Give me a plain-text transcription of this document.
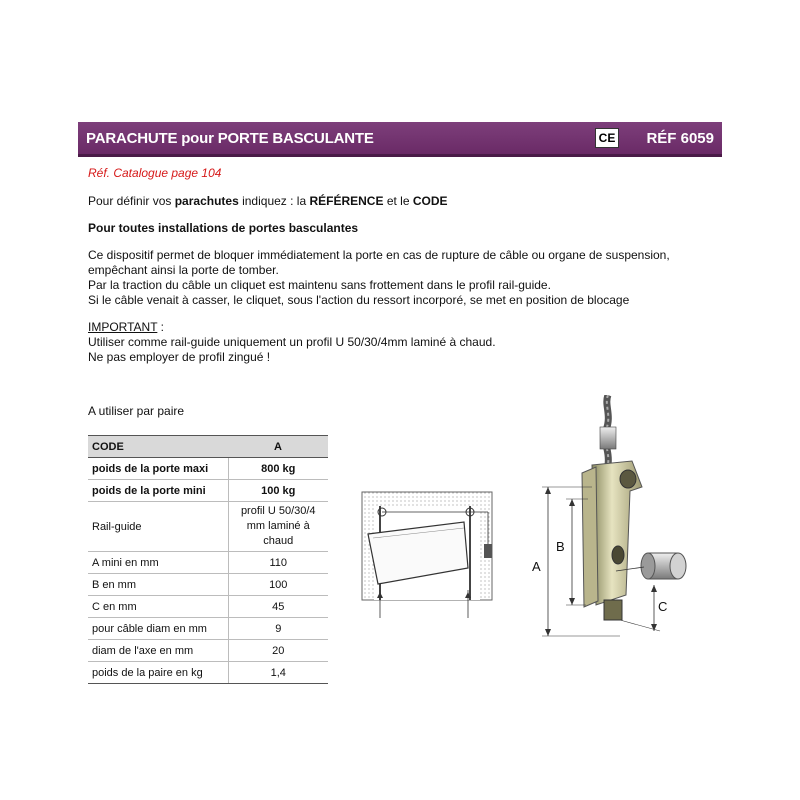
PARACHUTE pour PORTE BASCULANTE	CE RÉF 6059
Réf. Catalogue page 104
Pour définir vos parachutes indiquez : la RÉFÉRENCE et le CODE
Pour toutes installations de portes basculantes
Ce dispositif permet de bloquer immédiatement la porte en cas de rupture de câble ou organe de suspension,
empêchant ainsi la porte de tomber.
Par la traction du câble un cliquet est maintenu sans frottement dans le profil rail-guide.
Si le câble venait à casser, le cliquet, sous l'action du ressort incorporé, se met en position de blocage
IMPORTANT :
Utiliser comme rail-guide uniquement un profil U 50/30/4mm laminé à chaud.
Ne pas employer de profil zingué !
A utiliser par paire
CODE	A
poids de la porte maxi	800 kg
poids de la porte mini	100 kg
Rail-guide	profil U 50/30/4 mm laminé à chaud
A mini en mm	110
B en mm	100
C en mm	45
pour câble diam en mm	9
diam de l'axe en mm	20
poids de la paire en kg	1,4
A
B
C
